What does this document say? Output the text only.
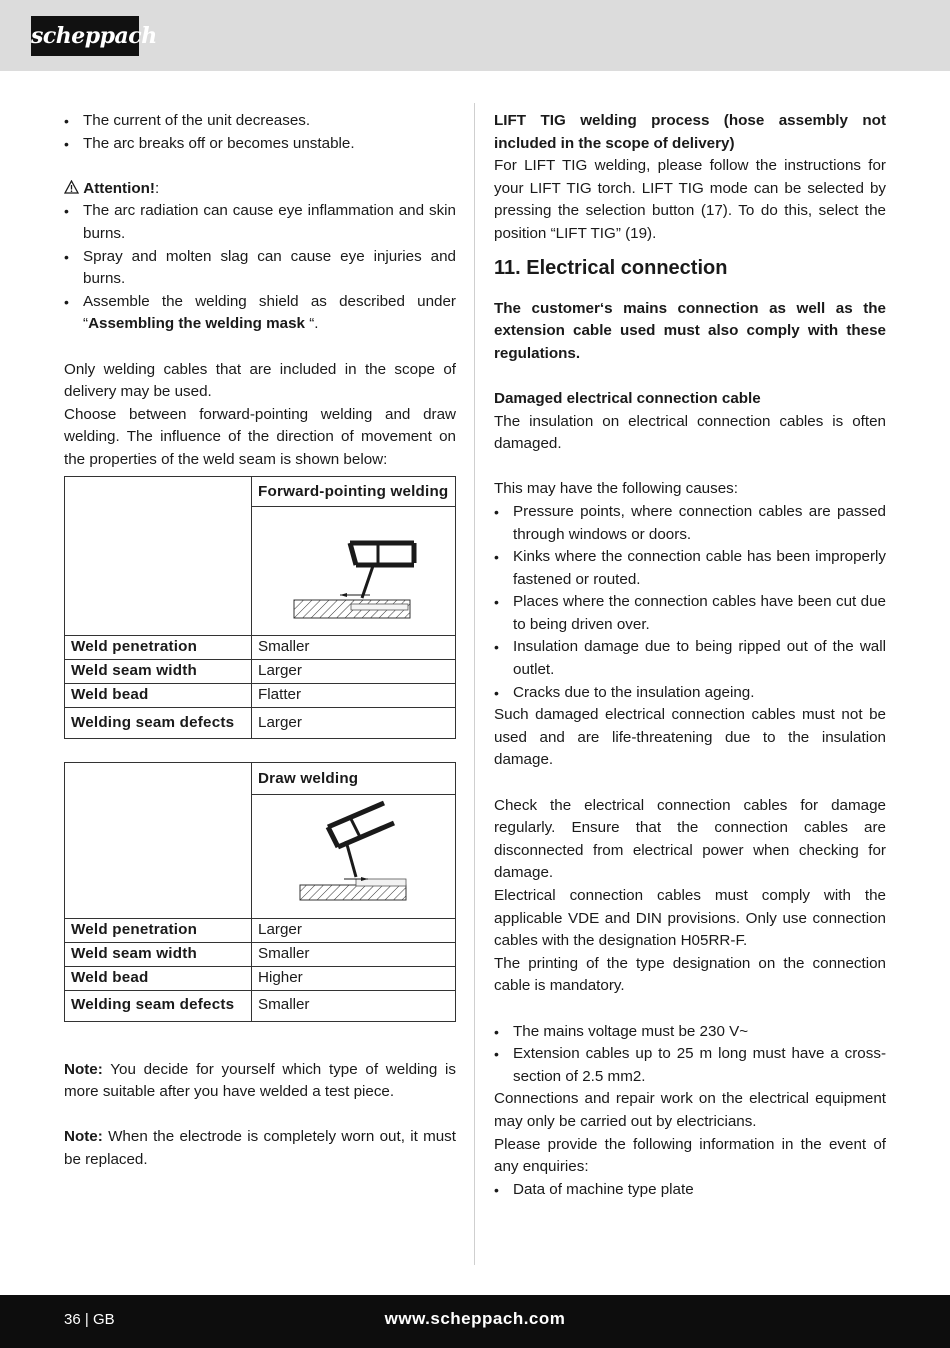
scheppach
• The current of the unit decreases.
• The arc breaks off or becomes unstable.

Attention!:

• The arc radiation can cause eye inflammation and skin burns.
• Spray and molten slag can cause eye injuries and burns.
• Assemble the welding shield as described under “Assembling the welding mask “.

Only welding cables that are included in the scope of delivery may be used.

Choose between forward-pointing welding and draw welding. The influence of the direction of movement on the properties of the weld seam is shown below:

	Forward-pointing welding

Weld penetration	Smaller
Weld seam width	Larger
Weld bead	Flatter
Welding seam defects	Larger
	Draw welding

Weld penetration	Larger
Weld seam width	Smaller
Weld bead	Higher
Welding seam defects	Smaller

Note: You decide for yourself which type of welding is more suitable after you have welded a test piece.

Note: When the electrode is completely worn out, it must be replaced.

LIFT TIG welding process (hose assembly not included in the scope of delivery)

For LIFT TIG welding, please follow the instructions for your LIFT TIG torch. LIFT TIG mode can be selected by pressing the selection button (17). To do this, select the position “LIFT TIG” (19).

11. Electrical connection

The customer‘s mains connection as well as the extension cable used must also comply with these regulations.

Damaged electrical connection cable

The insulation on electrical connection cables is often damaged.

This may have the following causes:

• Pressure points, where connection cables are passed through windows or doors.
• Kinks where the connection cable has been improperly fastened or routed.
• Places where the connection cables have been cut due to being driven over.
• Insulation damage due to being ripped out of the wall outlet.
• Cracks due to the insulation ageing.

Such damaged electrical connection cables must not be used and are life-threatening due to the insulation damage.

Check the electrical connection cables for damage regularly. Ensure that the connection cables are disconnected from electrical power when checking for damage.

Electrical connection cables must comply with the applicable VDE and DIN provisions. Only use connection cables with the designation H05RR-F.

The printing of the type designation on the connection cable is mandatory.

• The mains voltage must be 230 V~
• Extension cables up to 25 m long must have a cross-section of 2.5 mm2.

Connections and repair work on the electrical equipment may only be carried out by electricians.

Please provide the following information in the event of any enquiries:

• Data of machine type plate
36 | GB	www.scheppach.com
